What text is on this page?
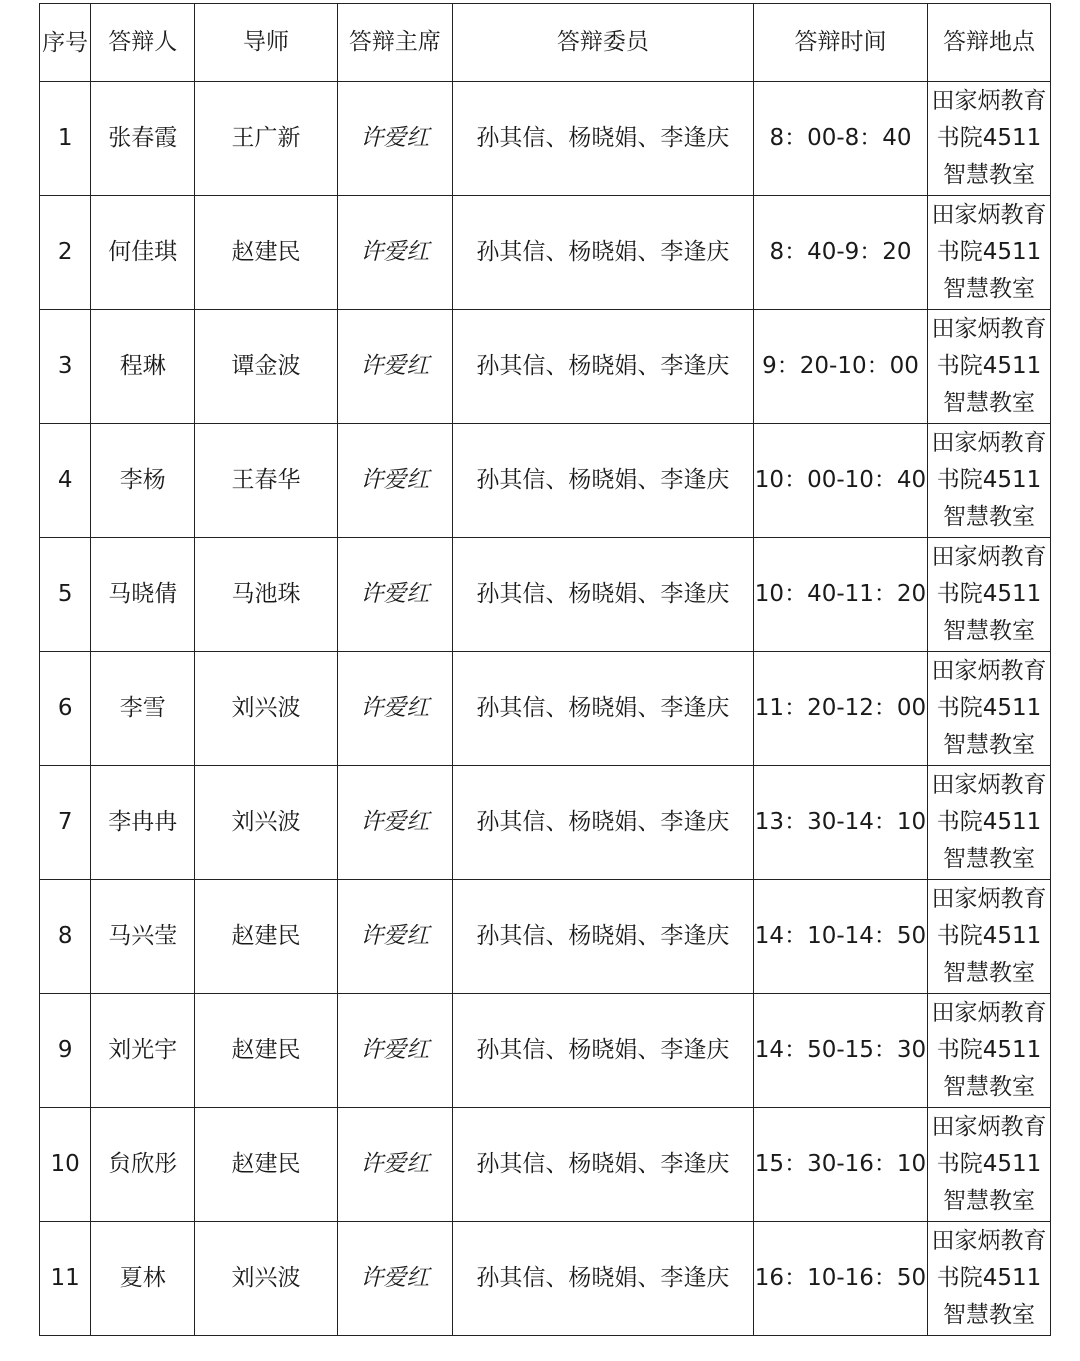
序号	答辩人	导师	答辩主席	答辩委员	答辩时间	答辩地点
1	张春霞	王广新	许爱红	孙其信、杨晓娟、李逢庆	8：00-8：40	田家炳教育书院4511智慧教室
2	何佳琪	赵建民	许爱红	孙其信、杨晓娟、李逢庆	8：40-9：20	田家炳教育书院4511智慧教室
3	程琳	谭金波	许爱红	孙其信、杨晓娟、李逢庆	9：20-10：00	田家炳教育书院4511智慧教室
4	李杨	王春华	许爱红	孙其信、杨晓娟、李逢庆	10：00-10：40	田家炳教育书院4511智慧教室
5	马晓倩	马池珠	许爱红	孙其信、杨晓娟、李逢庆	10：40-11：20	田家炳教育书院4511智慧教室
6	李雪	刘兴波	许爱红	孙其信、杨晓娟、李逢庆	11：20-12：00	田家炳教育书院4511智慧教室
7	李冉冉	刘兴波	许爱红	孙其信、杨晓娟、李逢庆	13：30-14：10	田家炳教育书院4511智慧教室
8	马兴莹	赵建民	许爱红	孙其信、杨晓娟、李逢庆	14：10-14：50	田家炳教育书院4511智慧教室
9	刘光宇	赵建民	许爱红	孙其信、杨晓娟、李逢庆	14：50-15：30	田家炳教育书院4511智慧教室
10	贠欣彤	赵建民	许爱红	孙其信、杨晓娟、李逢庆	15：30-16：10	田家炳教育书院4511智慧教室
11	夏林	刘兴波	许爱红	孙其信、杨晓娟、李逢庆	16：10-16：50	田家炳教育书院4511智慧教室
